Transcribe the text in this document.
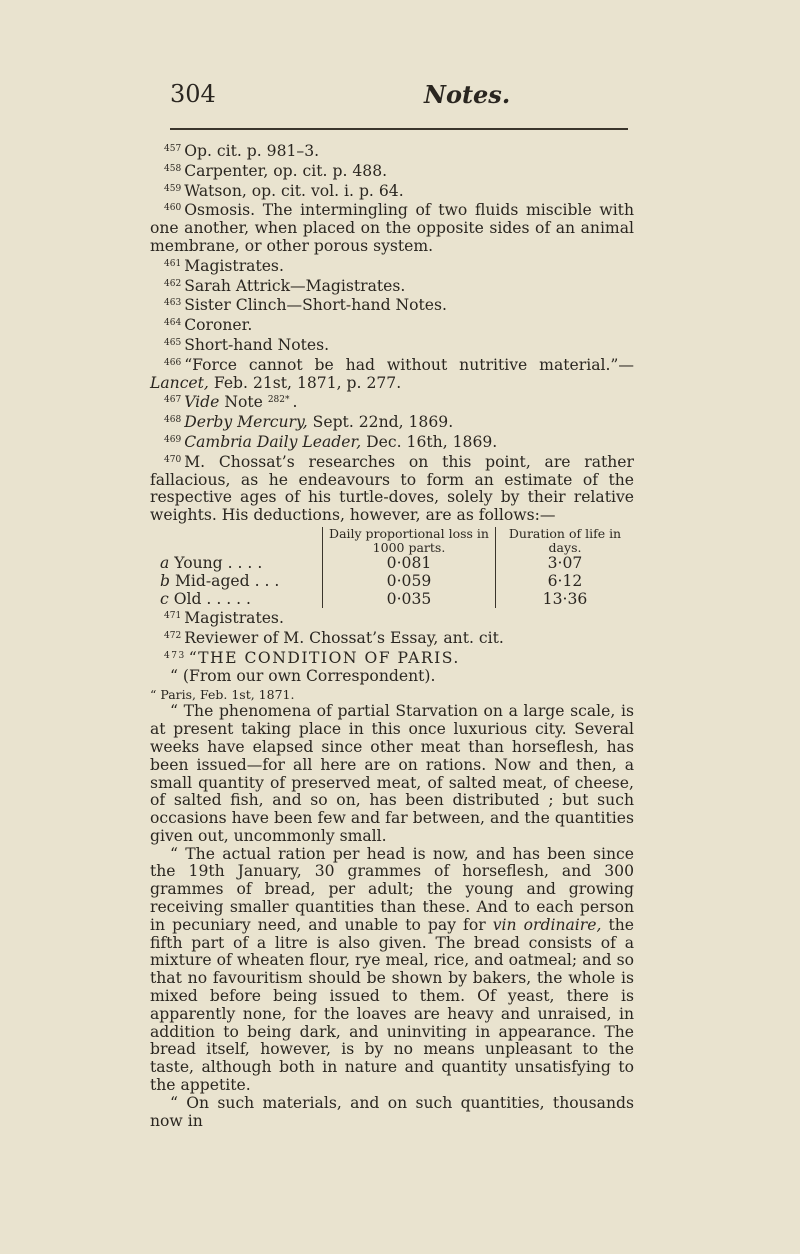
304	Notes.

$^{457}$ Op. cit. p. 981–3.

$^{458}$ Carpenter, op. cit. p. 488.

$^{459}$ Watson, op. cit. vol. i. p. 64.

$^{460}$ Osmosis. The intermingling of two fluids miscible with one another, when placed on the opposite sides of an animal membrane, or other porous system.

$^{461}$ Magistrates.

$^{462}$ Sarah Attrick—Magistrates.

$^{463}$ Sister Clinch—Short-hand Notes.

$^{464}$ Coroner.

$^{465}$ Short-hand Notes.

$^{466}$ “Force cannot be had without nutritive material.”—Lancet, Feb. 21st, 1871, p. 277.

$^{467}$ Vide Note $^{282*}$ .

$^{468}$ Derby Mercury, Sept. 22nd, 1869.

$^{469}$ Cambria Daily Leader, Dec. 16th, 1869.

$^{470}$ M. Chossat’s researches on this point, are rather fallacious, as he endeavours to form an estimate of the respective ages of his turtle-doves, solely by their relative weights. His deductions, however, are as follows:—

	Daily proportional loss in 1000 parts.	Duration of life in days.
a Young . . . .	0·081	3·07
b Mid-aged . . .	0·059	6·12
c Old . . . . .	0·035	13·36

$^{471}$ Magistrates.

$^{472}$ Reviewer of M. Chossat’s Essay, ant. cit.

$^{473}$ “THE CONDITION OF PARIS.

“ (From our own Correspondent).

“ Paris, Feb. 1st, 1871.

“ The phenomena of partial Starvation on a large scale, is at present taking place in this once luxurious city. Several weeks have elapsed since other meat than horseflesh, has been issued—for all here are on rations. Now and then, a small quantity of preserved meat, of salted meat, of cheese, of salted fish, and so on, has been distributed ; but such occasions have been few and far between, and the quantities given out, uncommonly small.

“ The actual ration per head is now, and has been since the 19th January, 30 grammes of horseflesh, and 300 grammes of bread, per adult; the young and growing receiving smaller quantities than these. And to each person in pecuniary need, and unable to pay for vin ordinaire, the fifth part of a litre is also given. The bread consists of a mixture of wheaten flour, rye meal, rice, and oatmeal; and so that no favouritism should be shown by bakers, the whole is mixed before being issued to them. Of yeast, there is apparently none, for the loaves are heavy and unraised, in addition to being dark, and uninviting in appearance. The bread itself, however, is by no means unpleasant to the taste, although both in nature and quantity unsatisfying to the appetite.

“ On such materials, and on such quantities, thousands now in
